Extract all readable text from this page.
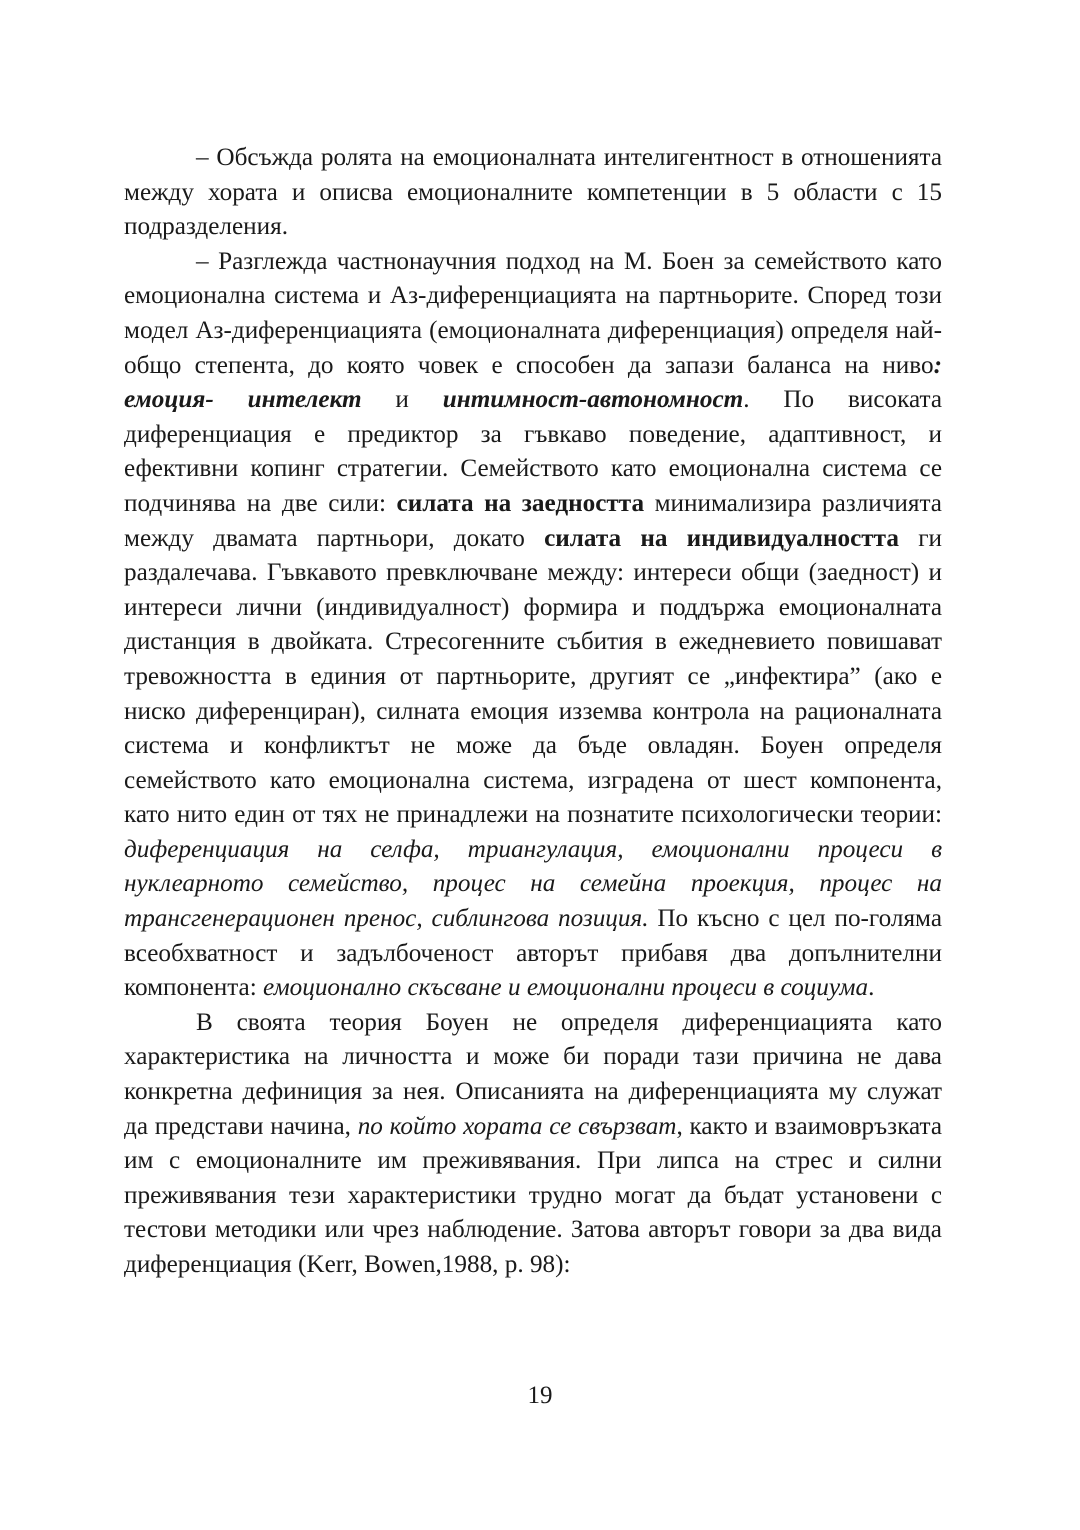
– Обсъжда ролята на емоционалната интелигентност в отношенията между хората и описва емоционалните компетенции в 5 области с 15 подразделения.

– Разглежда частнонаучния подход на М. Боен за семейството като емоционална система и Аз-диференциацията на партньорите. Според този модел Аз-диференциацията (емоционалната диференциация) определя най-общо степента, до която човек е способен да запази баланса на ниво: емоция- интелект и интимност-автономност. По високата диференциация е предиктор за гъвкаво поведение, адаптивност, и ефективни копинг стратегии. Семейството като емоционална система се подчинява на две сили: силата на заедността минимализира различията между двамата партньори, докато силата на индивидуалността ги раздалечава. Гъвкавото превключване между: интереси общи (заедност) и интереси лични (индивидуалност) формира и поддържа емоционалната дистанция в двойката. Стресогенните събития в ежедневието повишават тревожността в единия от партньорите, другият се „инфектира” (ако е ниско диференциран), силната емоция изземва контрола на рационалната система и конфликтът не може да бъде овладян. Боуен определя семейството като емоционална система, изградена от шест компонента, като нито един от тях не принадлежи на познатите психологически теории: диференциация на селфа, триангулация, емоционални процеси в нуклеарното семейство, процес на семейна проекция, процес на трансгенерационен пренос, сиблингова позиция. По късно с цел по-голяма всеобхватност и задълбоченост авторът прибавя два допълнителни компонента: емоционално скъсване и емоционални процеси в социума.

В своята теория Боуен не определя диференциацията като характеристика на личността и може би поради тази причина не дава конкретна дефиниция за нея. Описанията на диференциацията му служат да представи начина, по който хората се свързват, както и взаимовръзката им с емоционалните им преживявания. При липса на стрес и силни преживявания тези характеристики трудно могат да бъдат установени с тестови методики или чрез наблюдение. Затова авторът говори за два вида диференциация (Kerr, Bowen,1988, p. 98):

19
